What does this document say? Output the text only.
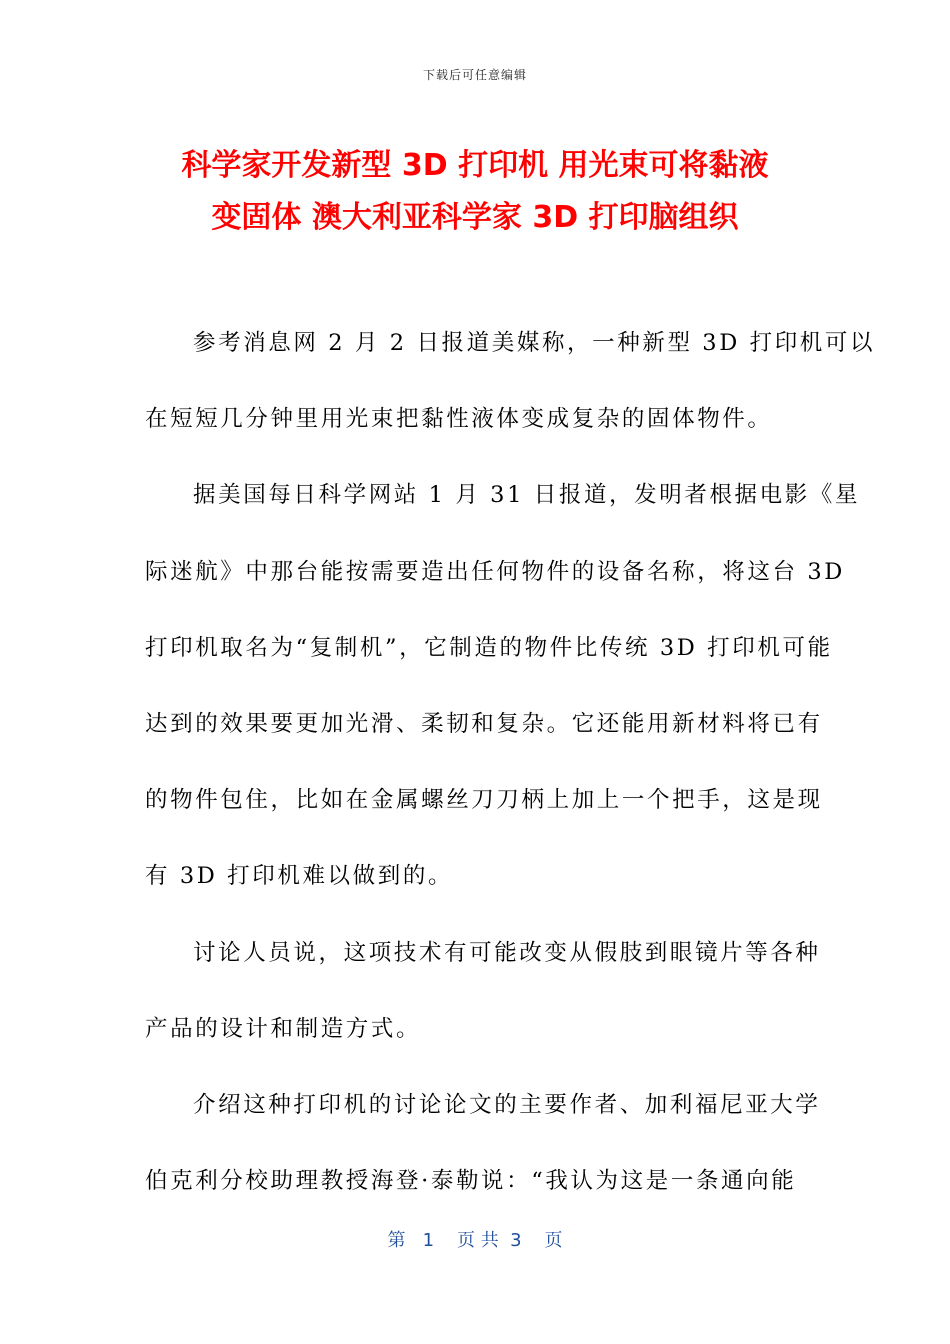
下载后可任意编辑
科学家开发新型 3D 打印机 用光束可将黏液
变固体 澳大利亚科学家 3D 打印脑组织
参考消息网 2 月 2 日报道美媒称，一种新型 3D 打印机可以
在短短几分钟里用光束把黏性液体变成复杂的固体物件。
据美国每日科学网站 1 月 31 日报道，发明者根据电影《星
际迷航》中那台能按需要造出任何物件的设备名称，将这台 3D
打印机取名为“复制机”，它制造的物件比传统 3D 打印机可能
达到的效果要更加光滑、柔韧和复杂。它还能用新材料将已有
的物件包住，比如在金属螺丝刀刀柄上加上一个把手，这是现
有 3D 打印机难以做到的。
讨论人员说，这项技术有可能改变从假肢到眼镜片等各种
产品的设计和制造方式。
介绍这种打印机的讨论论文的主要作者、加利福尼亚大学
伯克利分校助理教授海登·泰勒说：“我认为这是一条通向能
第   1    页 共  3    页
